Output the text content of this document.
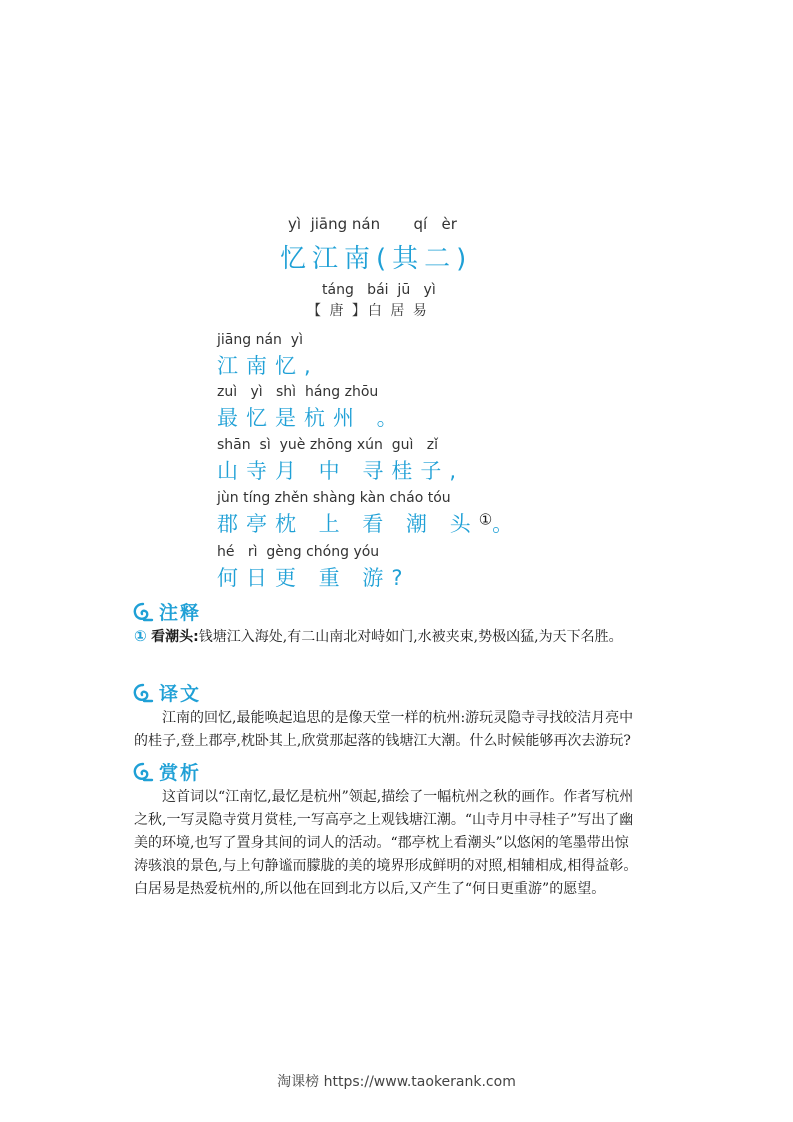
yì  jiāng nán       qí   èr
忆江南(其二)
táng   bái  jū   yì
【 唐 】白 居 易
jiāng nán  yì
江南忆,
zuì   yì   shì  háng zhōu
最忆是杭州 。
shān  sì  yuè zhōng xún  guì   zǐ
山寺月 中 寻桂子,
jùn tíng zhěn shàng kàn cháo tóu
郡亭枕 上 看 潮 头①。
hé   rì  gèng chóng yóu
何日更 重 游?
注释
① 看潮头:钱塘江入海处,有二山南北对峙如门,水被夹束,势极凶猛,为天下名胜。
译文
江南的回忆,最能唤起追思的是像天堂一样的杭州:游玩灵隐寺寻找皎洁月亮中的桂子,登上郡亭,枕卧其上,欣赏那起落的钱塘江大潮。什么时候能够再次去游玩?
赏析
这首词以“江南忆,最忆是杭州”领起,描绘了一幅杭州之秋的画作。作者写杭州之秋,一写灵隐寺赏月赏桂,一写高亭之上观钱塘江潮。“山寺月中寻桂子”写出了幽美的环境,也写了置身其间的词人的活动。“郡亭枕上看潮头”以悠闲的笔墨带出惊涛骇浪的景色,与上句静谧而朦胧的美的境界形成鲜明的对照,相辅相成,相得益彰。白居易是热爱杭州的,所以他在回到北方以后,又产生了“何日更重游”的愿望。
淘课榜 https://www.taokerank.com
